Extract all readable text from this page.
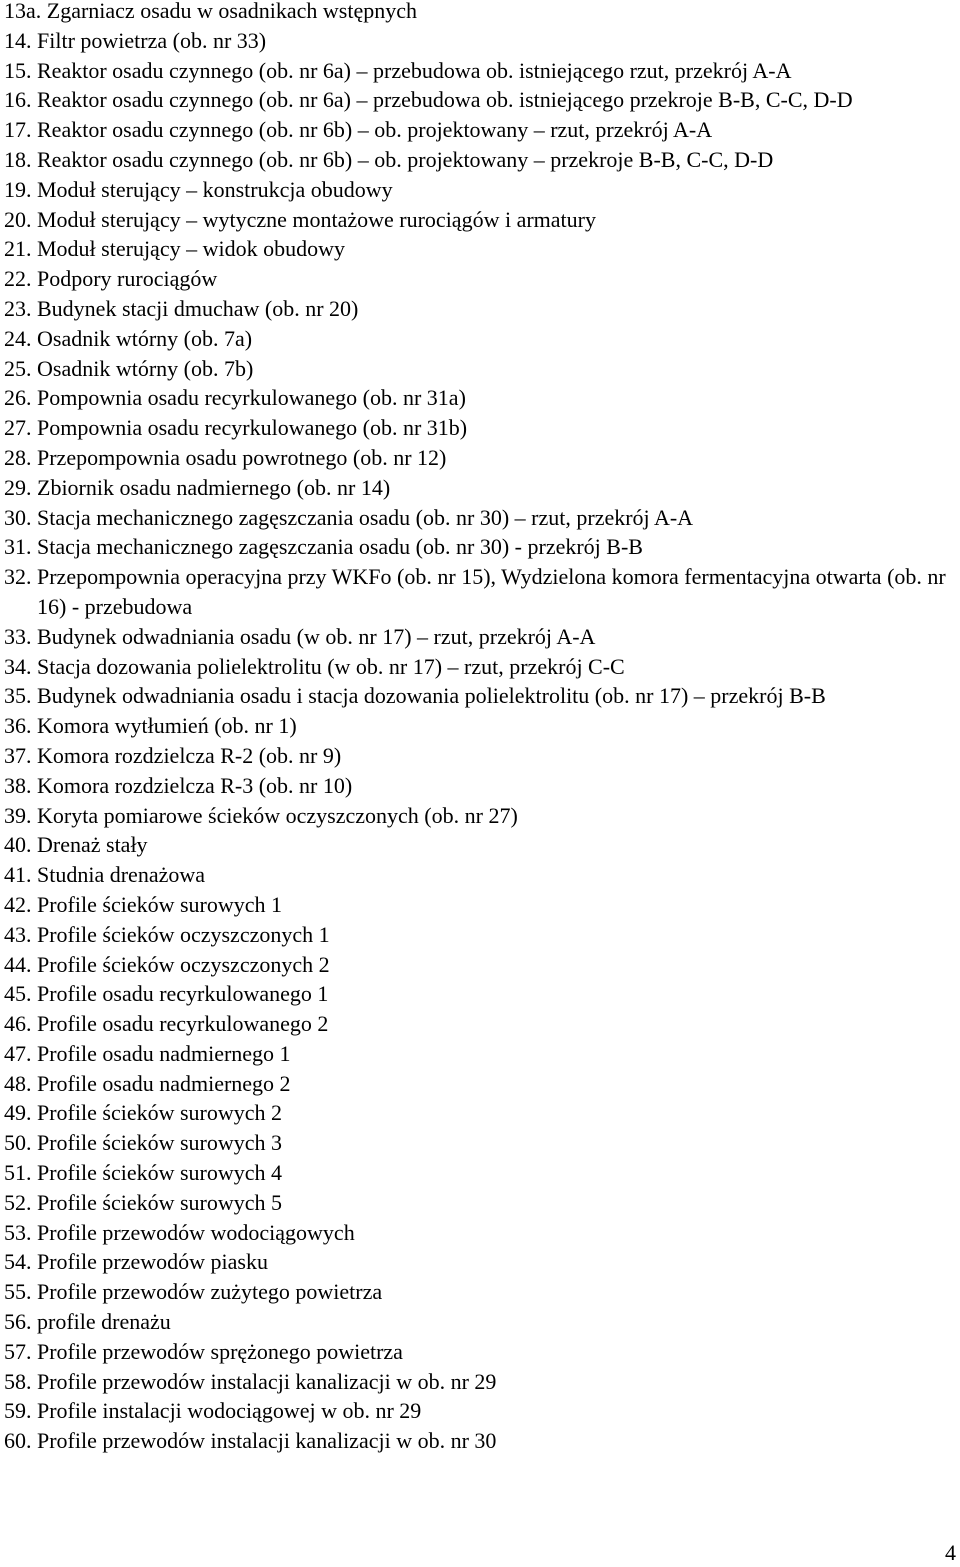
13a. Zgarniacz osadu w osadnikach wstępnych
14. Filtr powietrza (ob. nr 33)
15. Reaktor osadu czynnego (ob. nr 6a) – przebudowa ob. istniejącego rzut, przekrój A-A
16. Reaktor osadu czynnego (ob. nr 6a) – przebudowa ob. istniejącego przekroje B-B, C-C, D-D
17. Reaktor osadu czynnego (ob. nr 6b) – ob. projektowany – rzut, przekrój A-A
18. Reaktor osadu czynnego (ob. nr 6b) – ob. projektowany – przekroje B-B, C-C, D-D
19. Moduł sterujący – konstrukcja obudowy
20. Moduł sterujący – wytyczne montażowe rurociągów i armatury
21. Moduł sterujący – widok obudowy
22. Podpory rurociągów
23. Budynek stacji dmuchaw (ob. nr 20)
24. Osadnik wtórny (ob. 7a)
25. Osadnik wtórny (ob. 7b)
26. Pompownia osadu recyrkulowanego (ob. nr 31a)
27. Pompownia osadu recyrkulowanego (ob. nr 31b)
28. Przepompownia osadu powrotnego (ob. nr 12)
29. Zbiornik osadu nadmiernego (ob. nr 14)
30. Stacja mechanicznego zagęszczania osadu (ob. nr 30) – rzut, przekrój A-A
31. Stacja mechanicznego zagęszczania osadu (ob. nr 30) - przekrój B-B
32. Przepompownia operacyjna przy WKFo (ob. nr 15), Wydzielona komora fermentacyjna otwarta (ob. nr 16) - przebudowa
33. Budynek odwadniania osadu (w ob. nr 17) – rzut, przekrój A-A
34. Stacja dozowania polielektrolitu (w ob. nr 17) – rzut, przekrój C-C
35. Budynek odwadniania osadu i stacja dozowania polielektrolitu (ob. nr 17) – przekrój B-B
36. Komora wytłumień (ob. nr 1)
37. Komora rozdzielcza R-2 (ob. nr 9)
38. Komora rozdzielcza R-3 (ob. nr 10)
39. Koryta pomiarowe ścieków oczyszczonych (ob. nr 27)
40. Drenaż stały
41. Studnia drenażowa
42. Profile ścieków surowych 1
43. Profile ścieków oczyszczonych 1
44. Profile ścieków oczyszczonych 2
45. Profile osadu recyrkulowanego 1
46. Profile osadu recyrkulowanego 2
47. Profile osadu nadmiernego 1
48. Profile osadu nadmiernego 2
49. Profile ścieków surowych 2
50. Profile ścieków surowych 3
51. Profile ścieków surowych 4
52. Profile ścieków surowych 5
53. Profile przewodów wodociągowych
54. Profile przewodów piasku
55. Profile przewodów zużytego powietrza
56. profile drenażu
57. Profile przewodów sprężonego powietrza
58. Profile przewodów instalacji kanalizacji w ob. nr 29
59. Profile instalacji wodociągowej w ob. nr 29
60. Profile przewodów instalacji kanalizacji w ob. nr 30
4
